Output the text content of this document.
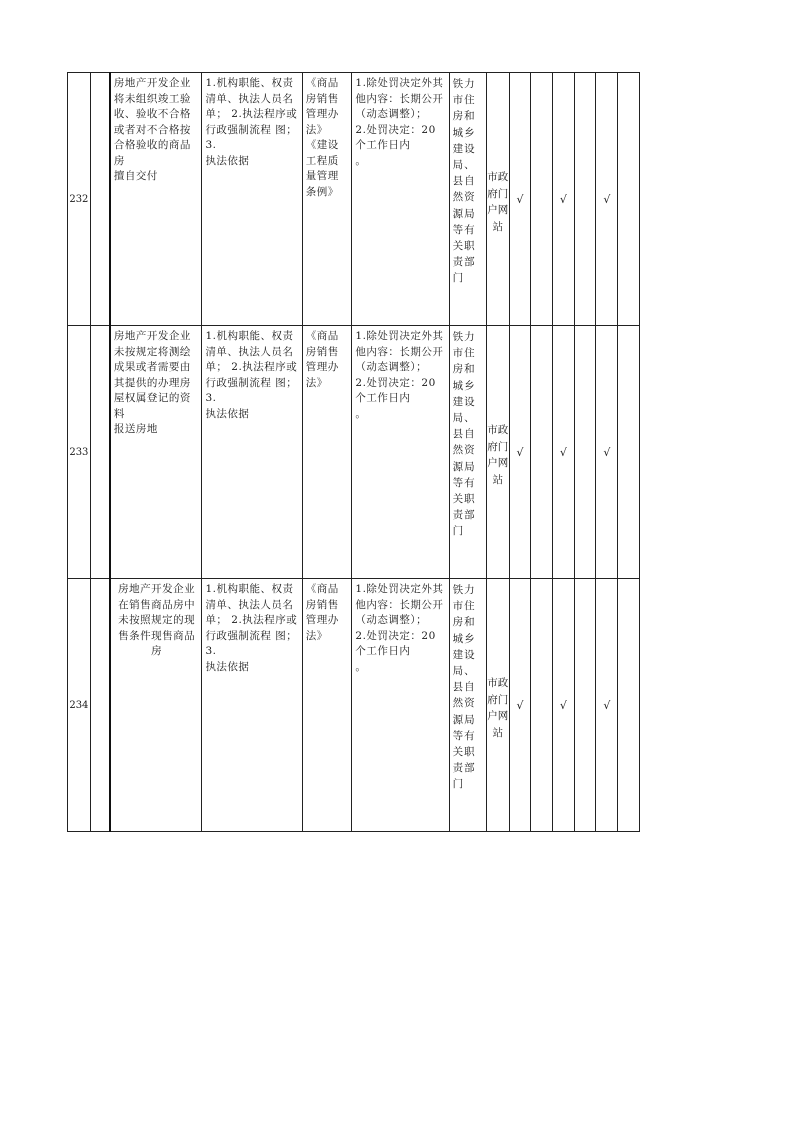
232		房地产开发企业将未组织竣工验收、验收不合格或者对不合格按合格验收的商品房
擅自交付	1.机构职能、权责清单、执法人员名单； 2.执法程序或行政强制流程 图； 3.
执法依据	《商品房销售管理办法》
《建设工程质量管理条例》	1.除处罚决定外其他内容：长期公开
（动态调整）；
2.处罚决定：20个工作日内
。	铁力市住房和城乡建设局、县自然资源局等有关职责部门	市政府门户网站	√		√		√	
233		房地产开发企业未按规定将测绘成果或者需要由其提供的办理房屋权属登记的资料
报送房地	1.机构职能、权责清单、执法人员名单； 2.执法程序或行政强制流程 图； 3.
执法依据	《商品房销售管理办法》	1.除处罚决定外其他内容：长期公开
（动态调整）；
2.处罚决定：20个工作日内
。	铁力市住房和城乡建设局、县自然资源局等有关职责部门	市政府门户网站	√		√		√	
234		房地产开发企业在销售商品房中未按照规定的现售条件现售商品
房	1.机构职能、权责清单、执法人员名单； 2.执法程序或行政强制流程 图； 3.
执法依据	《商品房销售管理办法》	1.除处罚决定外其他内容：长期公开
（动态调整）；
2.处罚决定：20个工作日内
。	铁力市住房和城乡建设局、县自然资源局等有关职责部门	市政府门户网站	√		√		√	
